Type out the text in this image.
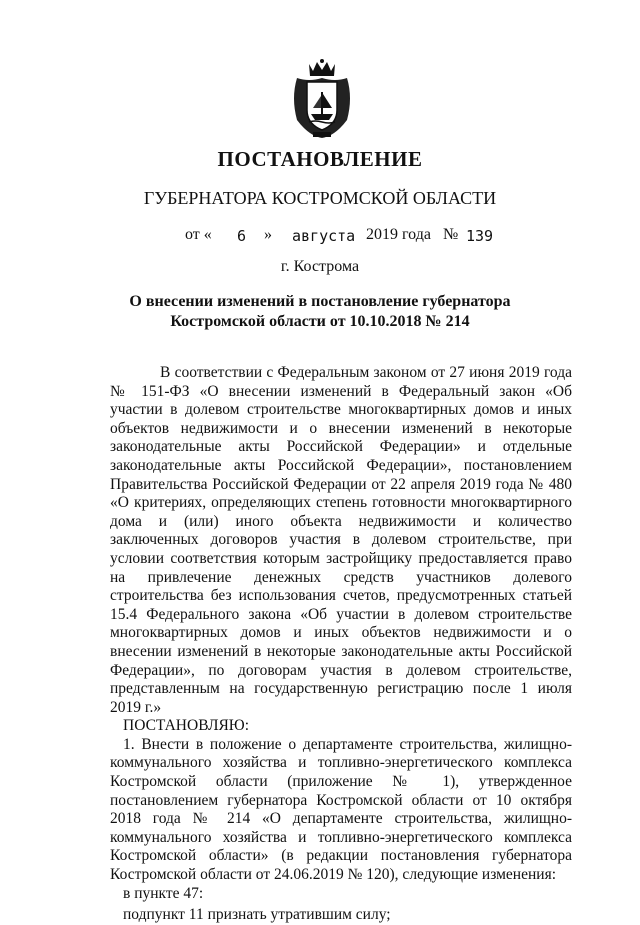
ПОСТАНОВЛЕНИЕ
ГУБЕРНАТОРА КОСТРОМСКОЙ ОБЛАСТИ
от « 6 » августа 2019 года № 139
г. Кострома
О внесении изменений в постановление губернатора
Костромской области от 10.10.2018 № 214

В соответствии с Федеральным законом от 27 июня 2019 года № 151-ФЗ «О внесении изменений в Федеральный закон «Об участии в долевом строительстве многоквартирных домов и иных объектов недвижимости и о внесении изменений в некоторые законодательные акты Российской Федерации» и отдельные законодательные акты Российской Федерации», постановлением Правительства Российской Федерации от 22 апреля 2019 года № 480 «О критериях, определяющих степень готовности многоквартирного дома и (или) иного объекта недвижимости и количество заключенных договоров участия в долевом строительстве, при условии соответствия которым застройщику предоставляется право на привлечение денежных средств участников долевого строительства без использования счетов, предусмотренных статьей 15.4 Федерального закона «Об участии в долевом строительстве многоквартирных домов и иных объектов недвижимости и о внесении изменений в некоторые законодательные акты Российской Федерации», по договорам участия в долевом строительстве, представленным на государственную регистрацию после 1 июля 2019 г.»

ПОСТАНОВЛЯЮ:

1. Внести в положение о департаменте строительства, жилищно-коммунального хозяйства и топливно-энергетического комплекса Костромской области (приложение № 1), утвержденное постановлением губернатора Костромской области от 10 октября 2018 года № 214 «О департаменте строительства, жилищно-коммунального хозяйства и топливно-энергетического комплекса Костромской области» (в редакции постановления губернатора Костромской области от 24.06.2019 № 120), следующие изменения:

в пункте 47:

подпункт 11 признать утратившим силу;
